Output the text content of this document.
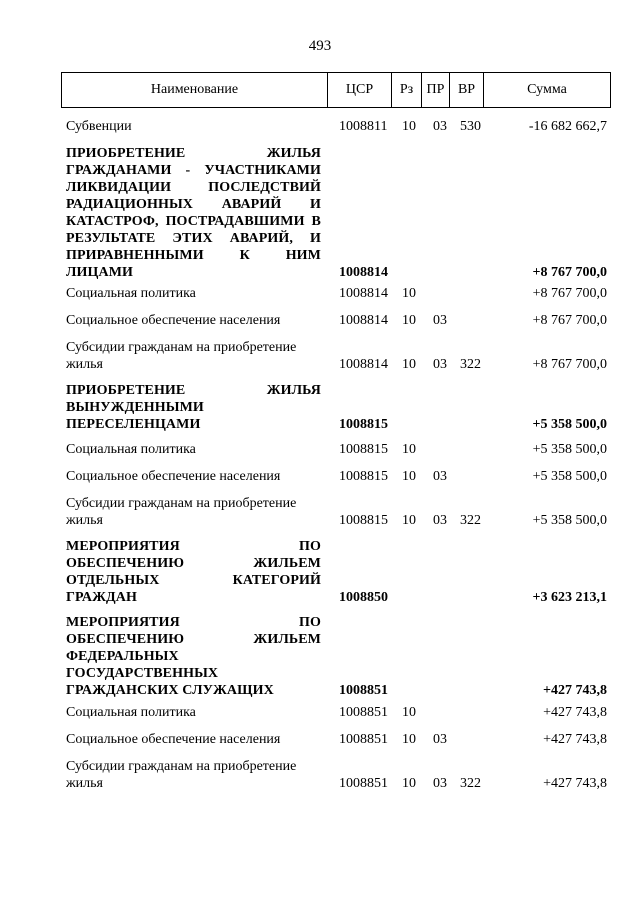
493
Наименование	ЦСР	Рз ПР ВР	Сумма
Субвенции	1008811 10 03 530	-16 682 662,7
ПРИОБРЕТЕНИЕ ЖИЛЬЯ ГРАЖДАНАМИ - УЧАСТНИКАМИ ЛИКВИДАЦИИ ПОСЛЕДСТВИЙ РАДИАЦИОННЫХ АВАРИЙ И КАТАСТРОФ, ПОСТРАДАВШИМИ В РЕЗУЛЬТАТЕ ЭТИХ АВАРИЙ, И ПРИРАВНЕННЫМИ К НИМ ЛИЦАМИ	1008814	+8 767 700,0
Социальная политика	1008814 10	+8 767 700,0
Социальное обеспечение населения	1008814 10 03	+8 767 700,0
Субсидии гражданам на приобретение жилья	1008814 10 03 322	+8 767 700,0
ПРИОБРЕТЕНИЕ ЖИЛЬЯ ВЫНУЖДЕННЫМИ ПЕРЕСЕЛЕНЦАМИ	1008815	+5 358 500,0
Социальная политика	1008815 10	+5 358 500,0
Социальное обеспечение населения	1008815 10 03	+5 358 500,0
Субсидии гражданам на приобретение жилья	1008815 10 03 322	+5 358 500,0
МЕРОПРИЯТИЯ ПО ОБЕСПЕЧЕНИЮ ЖИЛЬЕМ ОТДЕЛЬНЫХ КАТЕГОРИЙ ГРАЖДАН	1008850	+3 623 213,1
МЕРОПРИЯТИЯ ПО ОБЕСПЕЧЕНИЮ ЖИЛЬЕМ ФЕДЕРАЛЬНЫХ ГОСУДАРСТВЕННЫХ ГРАЖДАНСКИХ СЛУЖАЩИХ	1008851	+427 743,8
Социальная политика	1008851 10	+427 743,8
Социальное обеспечение населения	1008851 10 03	+427 743,8
Субсидии гражданам на приобретение жилья	1008851 10 03 322	+427 743,8
